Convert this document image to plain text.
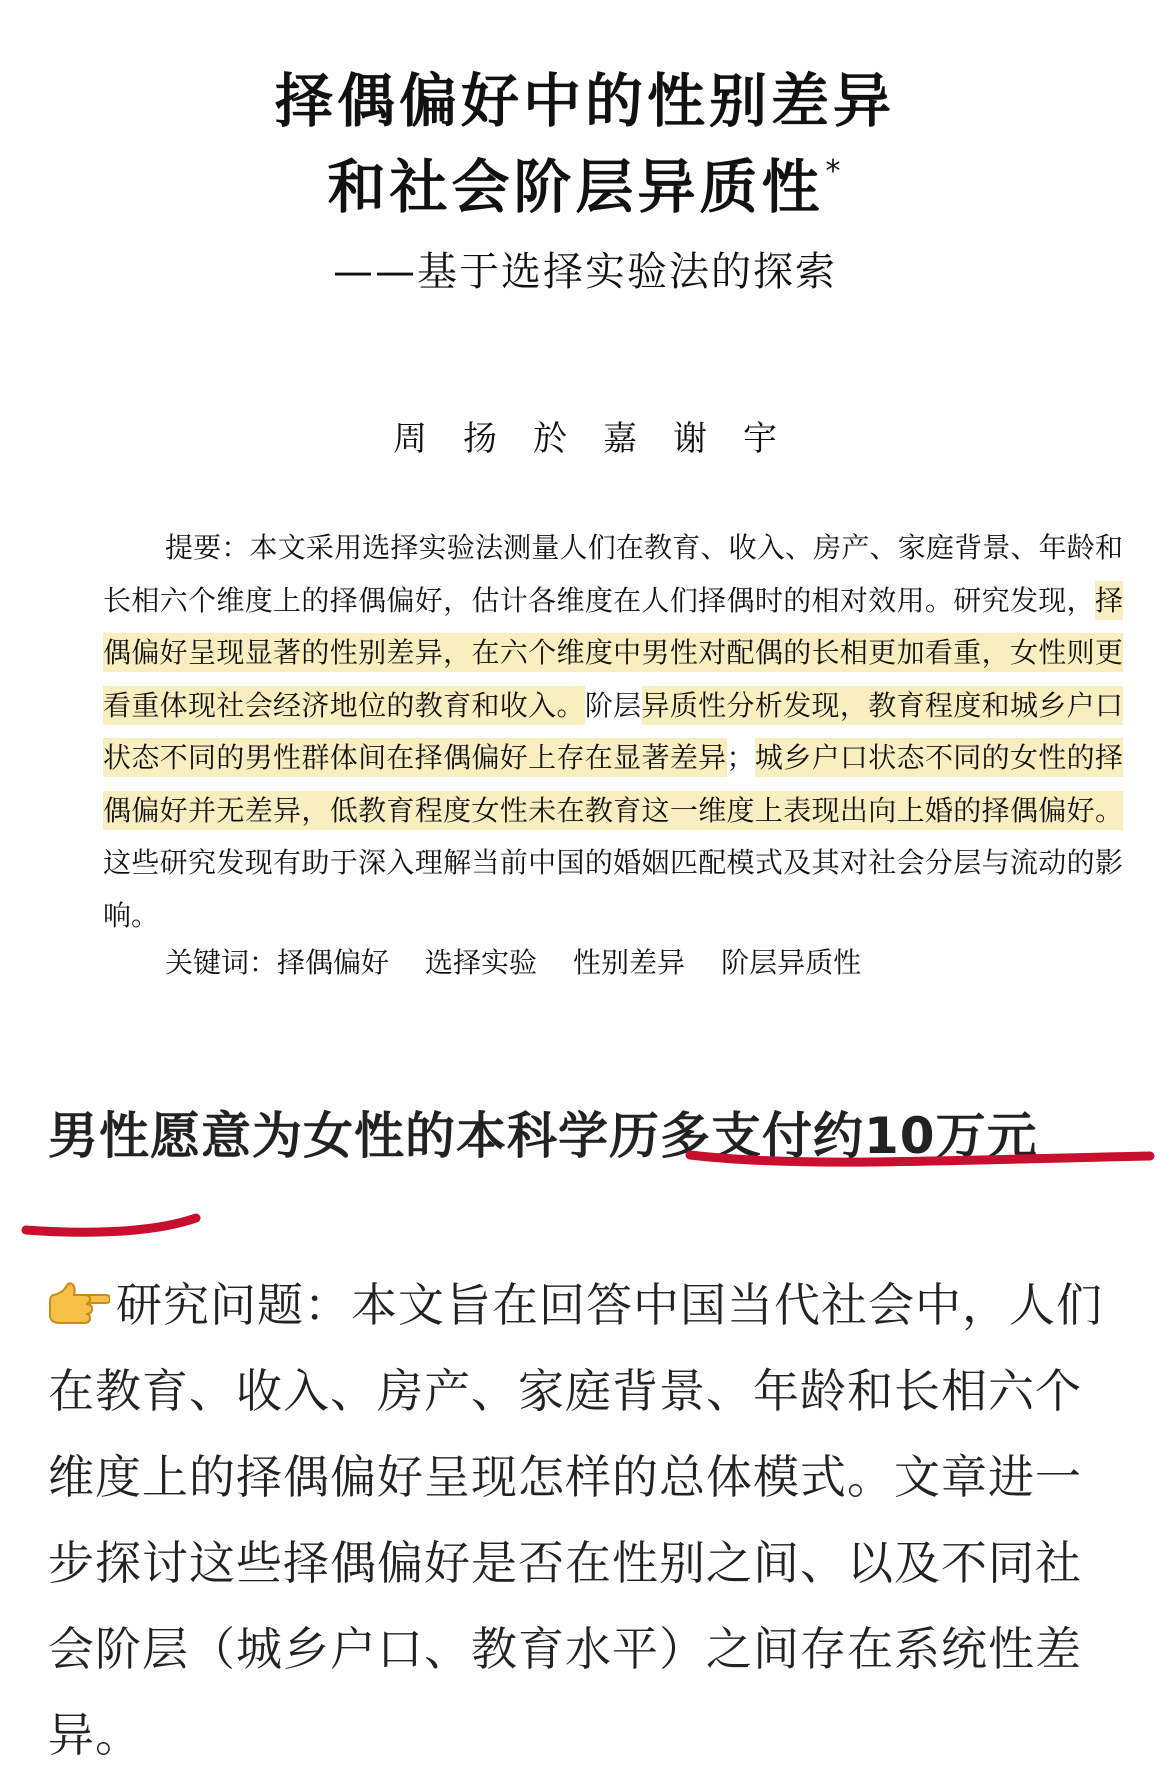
择偶偏好中的性别差异
和社会阶层异质性*
——基于选择实验法的探索
周扬於嘉谢宇

提要：本文采用选择实验法测量人们在教育、收入、房产、家庭背景、年龄和长相六个维度上的择偶偏好，估计各维度在人们择偶时的相对效用。研究发现，择偶偏好呈现显著的性别差异，在六个维度中男性对配偶的长相更加看重，女性则更看重体现社会经济地位的教育和收入。阶层异质性分析发现，教育程度和城乡户口状态不同的男性群体间在择偶偏好上存在显著差异；城乡户口状态不同的女性的择偶偏好并无差异，低教育程度女性未在教育这一维度上表现出向上婚的择偶偏好。这些研究发现有助于深入理解当前中国的婚姻匹配模式及其对社会分层与流动的影响。

关键词：择偶偏好 选择实验 性别差异 阶层异质性
男性愿意为女性的本科学历多支付约10万元
研究问题：本文旨在回答中国当代社会中，人们在教育、收入、房产、家庭背景、年龄和长相六个维度上的择偶偏好呈现怎样的总体模式。文章进一步探讨这些择偶偏好是否在性别之间、以及不同社会阶层（城乡户口、教育水平）之间存在系统性差异。
